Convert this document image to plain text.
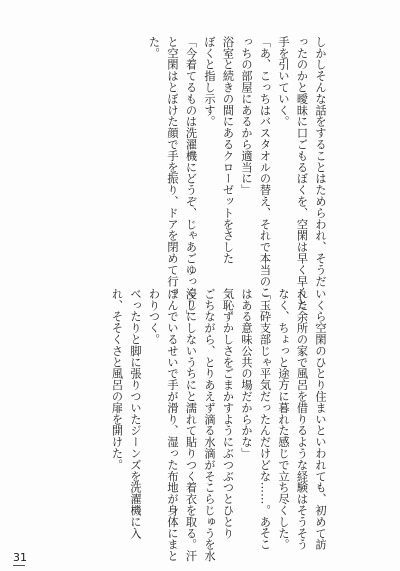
しかしそんな話をすることはためらわれ、そうだ
ったのかと曖昧に口ごもるぼくを、空閑は早く早くと
手を引いていく。
「あ、こっちはバスタオルの替え、それで本当のこ
っちの部屋にあるから適当に」
浴室と続きの間にあるクローゼットをさした
ぼくと指し示す。
「今着てるものは洗濯機にどうぞ、じゃあごゆっくり」
と空閑はとぼけた顔で手を振り、ドアを閉めて行っ
た。
いくら空閑のひとり住まいといわれても、初めて訪
れた余所の家で風呂を借りるような経験はそうそう
なく、ちょっと途方に暮れた感じで立ち尽くした。
「玉砕支部じゃ平気だったんだけどな……。あそこ
はある意味公共の場だからかな」
気恥ずかしさをごまかすようにぶつぶつとひとり
ごちながら、とりあえず滴る水滴がそこらじゅうを水
浸しにしないうちにと濡れて貼りつく着衣を取る。汗
ばんでいるせいで手が滑り、湿った布地が身体にまと
わりつく。
べったりと脚に張りついたジーンズを洗濯機に入
れ、そそくさと風呂の扉を開けた。
31
